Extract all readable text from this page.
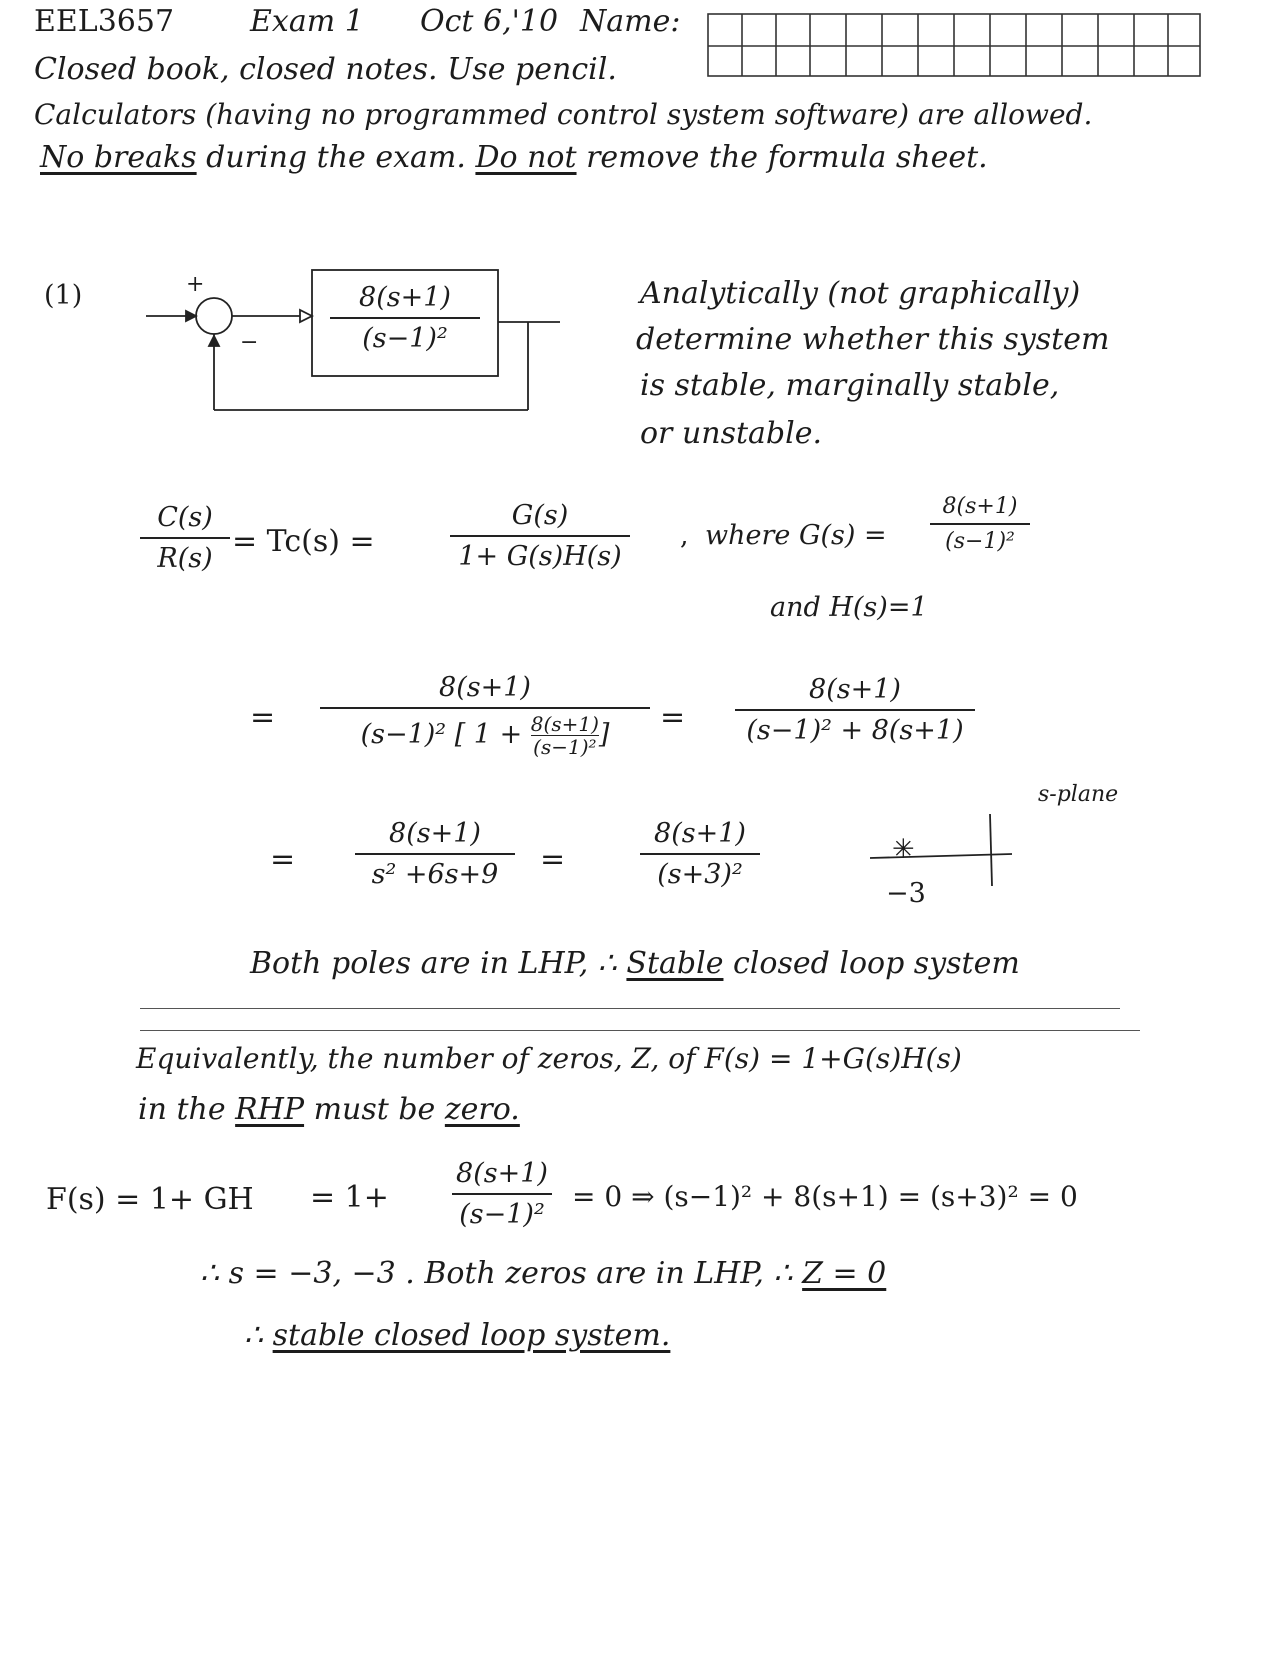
EEL3657	Exam 1 Oct 6,'10 Name:
Closed book, closed notes. Use pencil.
Calculators (having no programmed control system software) are allowed.
No breaks during the exam. Do not remove the formula sheet.
(1)	+
−
8(s+1)
(s−1)²
Analytically (not graphically)
determine whether this system
is stable, marginally stable,
or unstable.
C(s)
R(s) = Tc(s) =
G(s)
1+ G(s)H(s)
, where G(s) =
8(s+1)
(s−1)²
and H(s)=1
=
8(s+1)
(s−1)² [ $1 + \frac{8(s+1)}{\text{(s−1)²}}$ ]	=
8(s+1)
(s−1)² + 8(s+1)
s-plane
=
8(s+1)
s² +6s+9	=
8(s+1)
(s+3)²
✳
−3
Both poles are in LHP, ∴ Stable closed loop system
Equivalently, the number of zeros, Z, of F(s) = 1+G(s)H(s)
in the RHP must be zero.
F(s) = 1+ GH = 1+
8(s+1)
(s−1)²
= 0 ⇒ (s−1)² + 8(s+1) = (s+3)² = 0
∴ s = −3, −3 . Both zeros are in LHP, ∴ Z = 0
∴ stable closed loop system.
